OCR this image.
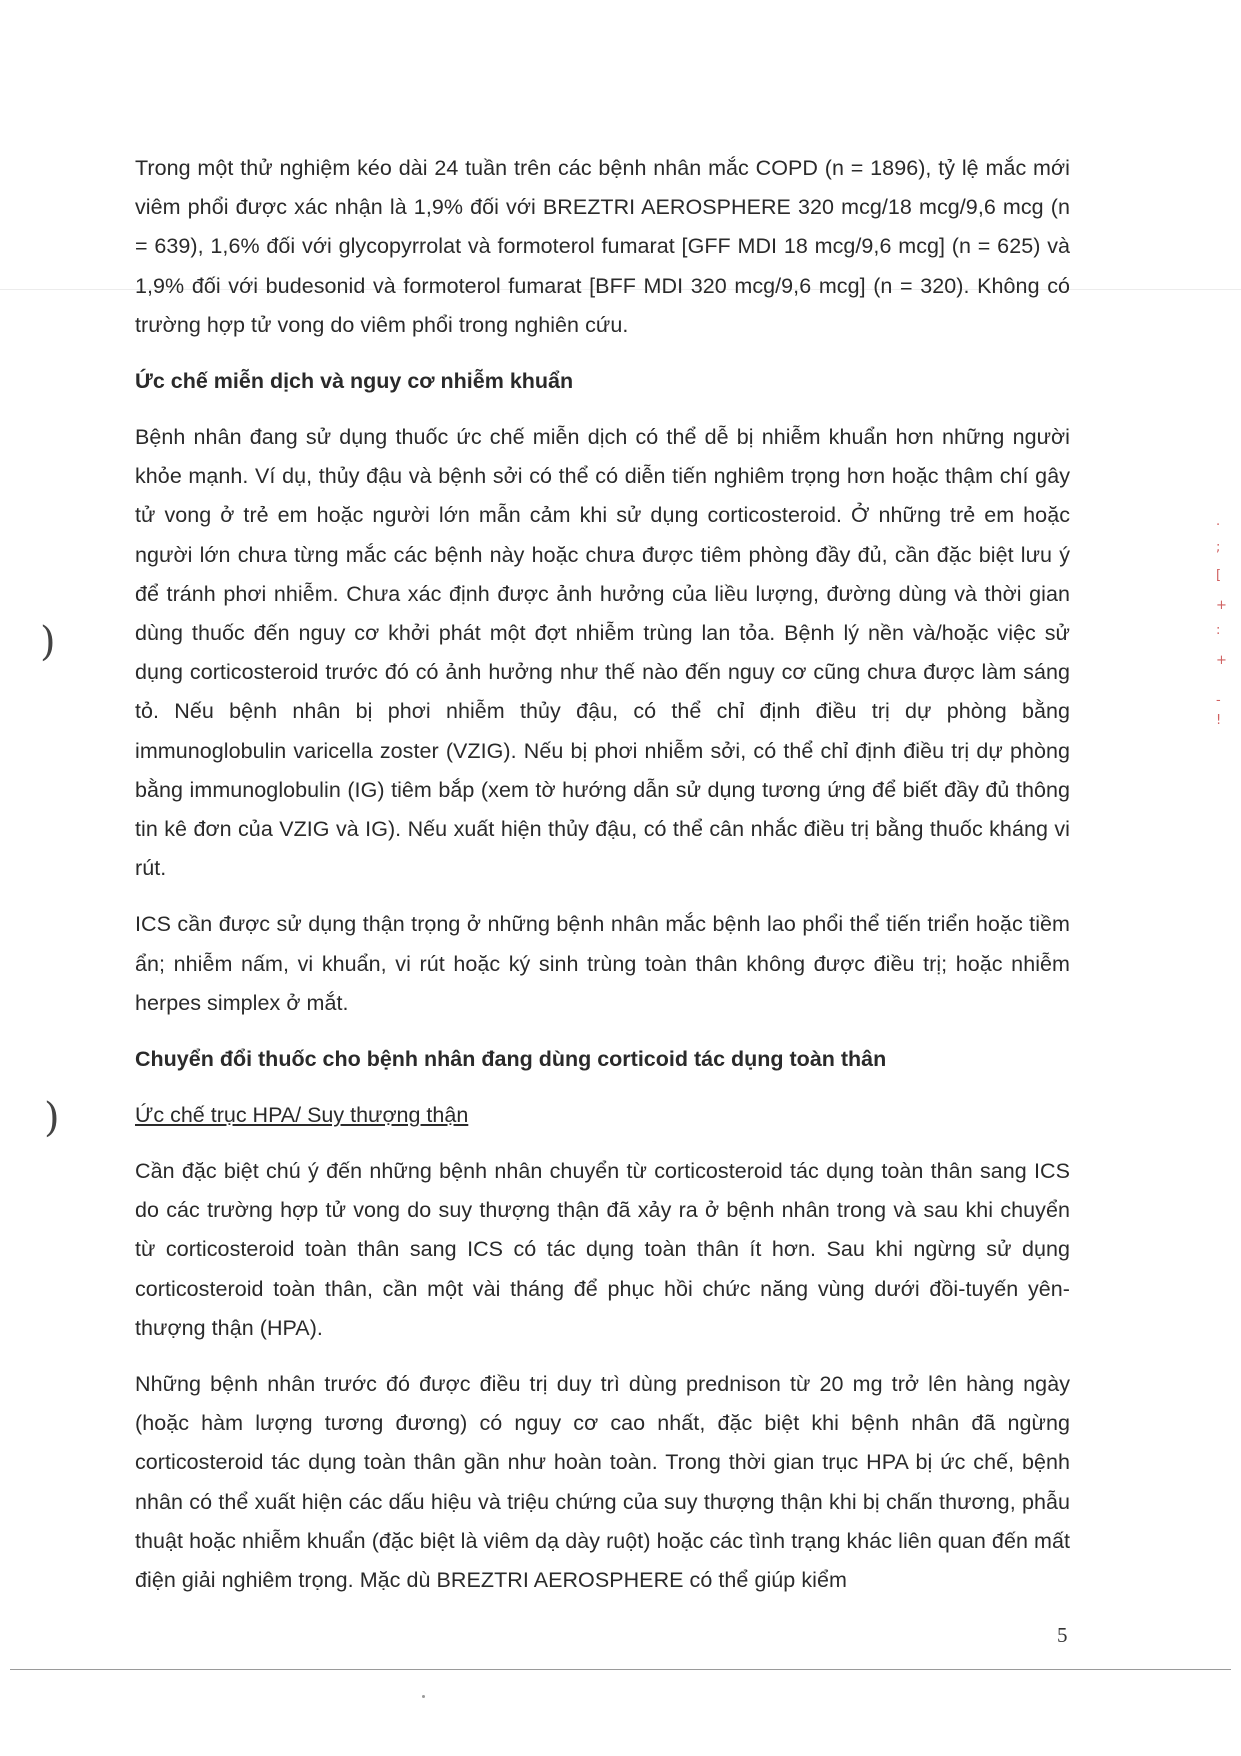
Trong một thử nghiệm kéo dài 24 tuần trên các bệnh nhân mắc COPD (n = 1896), tỷ lệ mắc mới viêm phổi được xác nhận là 1,9% đối với BREZTRI AEROSPHERE 320 mcg/18 mcg/9,6 mcg (n = 639), 1,6% đối với glycopyrrolat và formoterol fumarat [GFF MDI 18 mcg/9,6 mcg] (n = 625) và 1,9% đối với budesonid và formoterol fumarat [BFF MDI 320 mcg/9,6 mcg] (n = 320). Không có trường hợp tử vong do viêm phổi trong nghiên cứu.

Ức chế miễn dịch và nguy cơ nhiễm khuẩn

Bệnh nhân đang sử dụng thuốc ức chế miễn dịch có thể dễ bị nhiễm khuẩn hơn những người khỏe mạnh. Ví dụ, thủy đậu và bệnh sởi có thể có diễn tiến nghiêm trọng hơn hoặc thậm chí gây tử vong ở trẻ em hoặc người lớn mẫn cảm khi sử dụng corticosteroid. Ở những trẻ em hoặc người lớn chưa từng mắc các bệnh này hoặc chưa được tiêm phòng đầy đủ, cần đặc biệt lưu ý để tránh phơi nhiễm. Chưa xác định được ảnh hưởng của liều lượng, đường dùng và thời gian dùng thuốc đến nguy cơ khởi phát một đợt nhiễm trùng lan tỏa. Bệnh lý nền và/hoặc việc sử dụng corticosteroid trước đó có ảnh hưởng như thế nào đến nguy cơ cũng chưa được làm sáng tỏ. Nếu bệnh nhân bị phơi nhiễm thủy đậu, có thể chỉ định điều trị dự phòng bằng immunoglobulin varicella zoster (VZIG). Nếu bị phơi nhiễm sởi, có thể chỉ định điều trị dự phòng bằng immunoglobulin (IG) tiêm bắp (xem tờ hướng dẫn sử dụng tương ứng để biết đầy đủ thông tin kê đơn của VZIG và IG). Nếu xuất hiện thủy đậu, có thể cân nhắc điều trị bằng thuốc kháng vi rút.

ICS cần được sử dụng thận trọng ở những bệnh nhân mắc bệnh lao phổi thể tiến triển hoặc tiềm ẩn; nhiễm nấm, vi khuẩn, vi rút hoặc ký sinh trùng toàn thân không được điều trị; hoặc nhiễm herpes simplex ở mắt.

Chuyển đổi thuốc cho bệnh nhân đang dùng corticoid tác dụng toàn thân

Ức chế trục HPA/ Suy thượng thận

Cần đặc biệt chú ý đến những bệnh nhân chuyển từ corticosteroid tác dụng toàn thân sang ICS do các trường hợp tử vong do suy thượng thận đã xảy ra ở bệnh nhân trong và sau khi chuyển từ corticosteroid toàn thân sang ICS có tác dụng toàn thân ít hơn. Sau khi ngừng sử dụng corticosteroid toàn thân, cần một vài tháng để phục hồi chức năng vùng dưới đồi-tuyến yên-thượng thận (HPA).

Những bệnh nhân trước đó được điều trị duy trì dùng prednison từ 20 mg trở lên hàng ngày (hoặc hàm lượng tương đương) có nguy cơ cao nhất, đặc biệt khi bệnh nhân đã ngừng corticosteroid tác dụng toàn thân gần như hoàn toàn. Trong thời gian trục HPA bị ức chế, bệnh nhân có thể xuất hiện các dấu hiệu và triệu chứng của suy thượng thận khi bị chấn thương, phẫu thuật hoặc nhiễm khuẩn (đặc biệt là viêm dạ dày ruột) hoặc các tình trạng khác liên quan đến mất điện giải nghiêm trọng. Mặc dù BREZTRI AEROSPHERE có thể giúp kiểm

)
)
·
;
[
+
:
+
-
!
5
